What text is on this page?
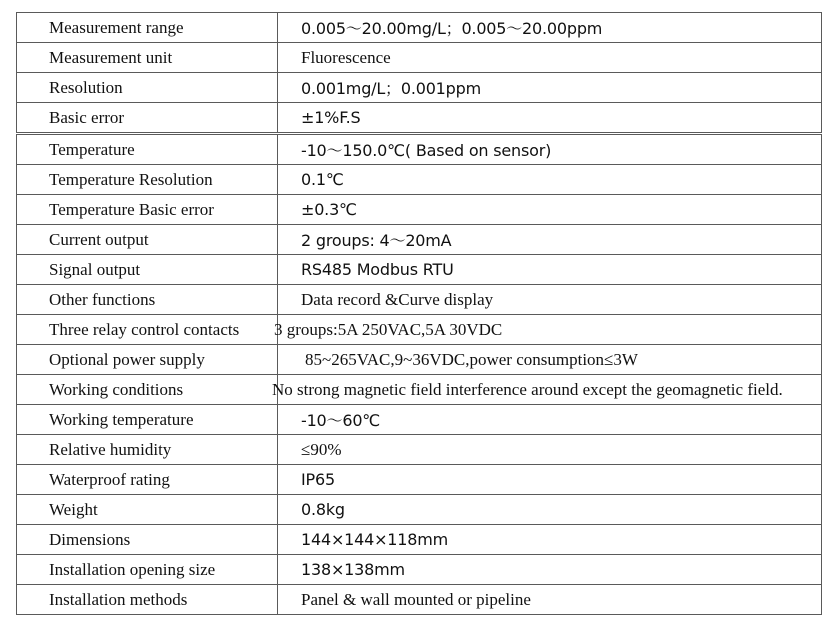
Measurement range	0.005～20.00mg/L；0.005～20.00ppm
Measurement unit	Fluorescence
Resolution	0.001mg/L；0.001ppm
Basic error	±1%F.S
Temperature	-10～150.0℃( Based on sensor)
Temperature Resolution	0.1℃
Temperature Basic error	±0.3℃
Current output	2 groups: 4～20mA
Signal output	RS485 Modbus RTU
Other functions	Data record &Curve display
Three relay control contacts	3 groups:5A 250VAC,5A 30VDC
Optional power supply	85~265VAC,9~36VDC,power consumption≤3W
Working conditions	No strong magnetic field interference around except the geomagnetic field.
Working temperature	-10～60℃
Relative humidity	≤90%
Waterproof rating	IP65
Weight	0.8kg
Dimensions	144×144×118mm
Installation opening size	138×138mm
Installation methods	Panel & wall mounted or pipeline
